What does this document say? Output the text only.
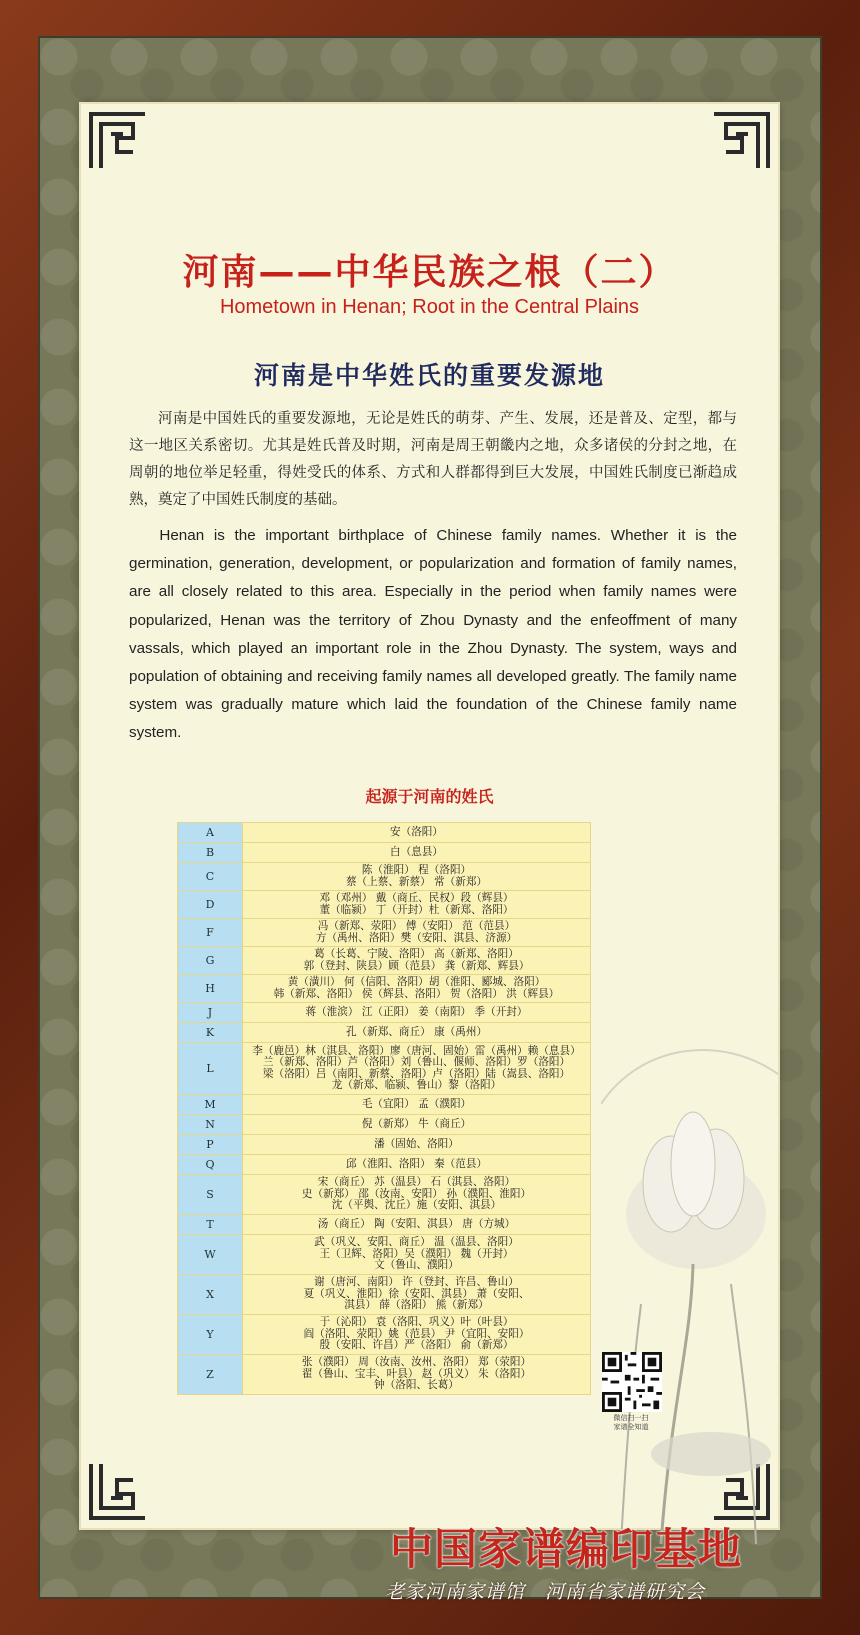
河南——中华民族之根（二）
Hometown in Henan; Root in the Central Plains
河南是中华姓氏的重要发源地
河南是中国姓氏的重要发源地，无论是姓氏的萌芽、产生、发展，还是普及、定型，都与这一地区关系密切。尤其是姓氏普及时期，河南是周王朝畿内之地，众多诸侯的分封之地，在周朝的地位举足轻重，得姓受氏的体系、方式和人群都得到巨大发展，中国姓氏制度已渐趋成熟，奠定了中国姓氏制度的基础。
Henan is the important birthplace of Chinese family names. Whether it is the germination, generation, development, or popularization and formation of family names, are all closely related to this area. Especially in the period when family names were popularized, Henan was the territory of Zhou Dynasty and the enfeoffment of many vassals, which played an important role in the Zhou Dynasty. The system, ways and population of obtaining and receiving family names all developed greatly. The family name system was gradually mature which laid the foundation of the Chinese family name system.
起源于河南的姓氏
A	安（洛阳）

B	白（息县）

C	陈（淮阳） 程（洛阳）
蔡（上蔡、新蔡） 常（新郑）

D	邓（邓州） 戴（商丘、民权）段（辉县）
董（临颍） 丁（开封）杜（新郑、洛阳）

F	冯（新郑、荥阳） 傅（安阳） 范（范县）
方（禹州、洛阳）樊（安阳、淇县、济源）

G	葛（长葛、宁陵、洛阳） 高（新郑、洛阳）
郭（登封、陕县）顾（范县） 龚（新郑、辉县）

H	黄（潢川） 何（信阳、洛阳）胡（淮阳、郾城、洛阳）
韩（新郑、洛阳） 侯（辉县、洛阳） 贺（洛阳） 洪（辉县）

J	蒋（淮滨） 江（正阳） 姜（南阳） 季（开封）

K	孔（新郑、商丘） 康（禹州）

L	李（鹿邑）林（淇县、洛阳）廖（唐河、固始）雷（禹州）赖（息县）
兰（新郑、洛阳）芦（洛阳）刘（鲁山、偃师、洛阳）罗（洛阳）
梁（洛阳）吕（南阳、新蔡、洛阳）卢（洛阳）陆（嵩县、洛阳）
龙（新郑、临颍、鲁山）黎（洛阳）

M	毛（宜阳） 孟（濮阳）

N	倪（新郑） 牛（商丘）

P	潘（固始、洛阳）

Q	邱（淮阳、洛阳） 秦（范县）

S	宋（商丘） 苏（温县） 石（淇县、洛阳）
史（新郑） 邵（汝南、安阳） 孙（濮阳、淮阳）
沈（平舆、沈丘）施（安阳、淇县）

T	汤（商丘） 陶（安阳、淇县） 唐（方城）

W	武（巩义、安阳、商丘） 温（温县、洛阳）
王（卫辉、洛阳）吴（濮阳） 魏（开封）
文（鲁山、濮阳）

X	谢（唐河、南阳） 许（登封、许昌、鲁山）
夏（巩义、淮阳）徐（安阳、淇县） 萧（安阳、
淇县） 薛（洛阳） 熊（新郑）

Y	于（沁阳） 袁（洛阳、巩义）叶（叶县）
阎（洛阳、荥阳）姚（范县） 尹（宜阳、安阳）
殷（安阳、许昌）严（洛阳） 俞（新郑）

Z	张（濮阳） 周（汝南、汝州、洛阳） 郑（荥阳）
翟（鲁山、宝丰、叶县） 赵（巩义） 朱（洛阳）
钟（洛阳、长葛）
微信扫一扫
家谱全知道
中国家谱编印基地
老家河南家谱馆　河南省家谱研究会
